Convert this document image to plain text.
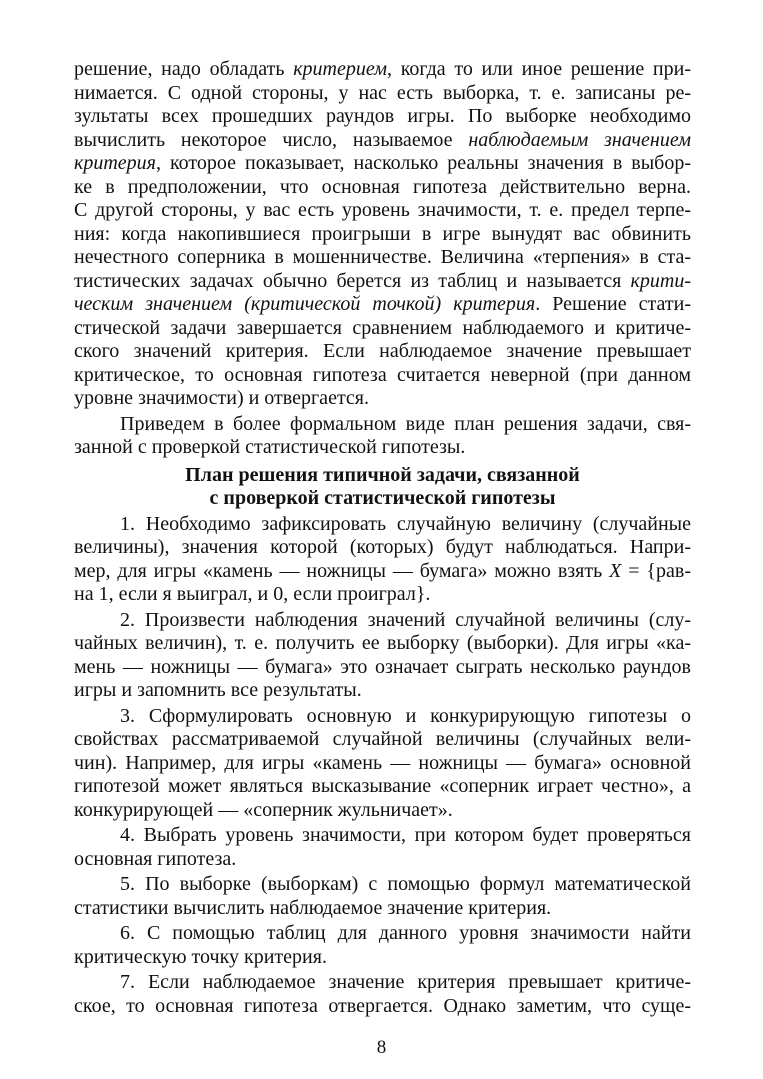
решение, надо обладать критерием, когда то или иное решение при-
нимается. С одной стороны, у нас есть выборка, т. е. записаны ре-
зультаты всех прошедших раундов игры. По выборке необходимо
вычислить некоторое число, называемое наблюдаемым значением
критерия, которое показывает, насколько реальны значения в выбор-
ке в предположении, что основная гипотеза действительно верна.
С другой стороны, у вас есть уровень значимости, т. е. предел терпе-
ния: когда накопившиеся проигрыши в игре вынудят вас обвинить
нечестного соперника в мошенничестве. Величина «терпения» в ста-
тистических задачах обычно берется из таблиц и называется крити-
ческим значением (критической точкой) критерия. Решение стати-
стической задачи завершается сравнением наблюдаемого и критиче-
ского значений критерия. Если наблюдаемое значение превышает
критическое, то основная гипотеза считается неверной (при данном
уровне значимости) и отвергается.
Приведем в более формальном виде план решения задачи, свя-
занной с проверкой статистической гипотезы.
План решения типичной задачи, связанной
с проверкой статистической гипотезы
1. Необходимо зафиксировать случайную величину (случайные
величины), значения которой (которых) будут наблюдаться. Напри-
мер, для игры «камень — ножницы — бумага» можно взять X = {рав-
на 1, если я выиграл, и 0, если проиграл}.
2. Произвести наблюдения значений случайной величины (слу-
чайных величин), т. е. получить ее выборку (выборки). Для игры «ка-
мень — ножницы — бумага» это означает сыграть несколько раундов
игры и запомнить все результаты.
3. Сформулировать основную и конкурирующую гипотезы о
свойствах рассматриваемой случайной величины (случайных вели-
чин). Например, для игры «камень — ножницы — бумага» основной
гипотезой может являться высказывание «соперник играет честно», а
конкурирующей — «соперник жульничает».
4. Выбрать уровень значимости, при котором будет проверяться
основная гипотеза.
5. По выборке (выборкам) с помощью формул математической
статистики вычислить наблюдаемое значение критерия.
6. С помощью таблиц для данного уровня значимости найти
критическую точку критерия.
7. Если наблюдаемое значение критерия превышает критиче-
ское, то основная гипотеза отвергается. Однако заметим, что суще-
8
